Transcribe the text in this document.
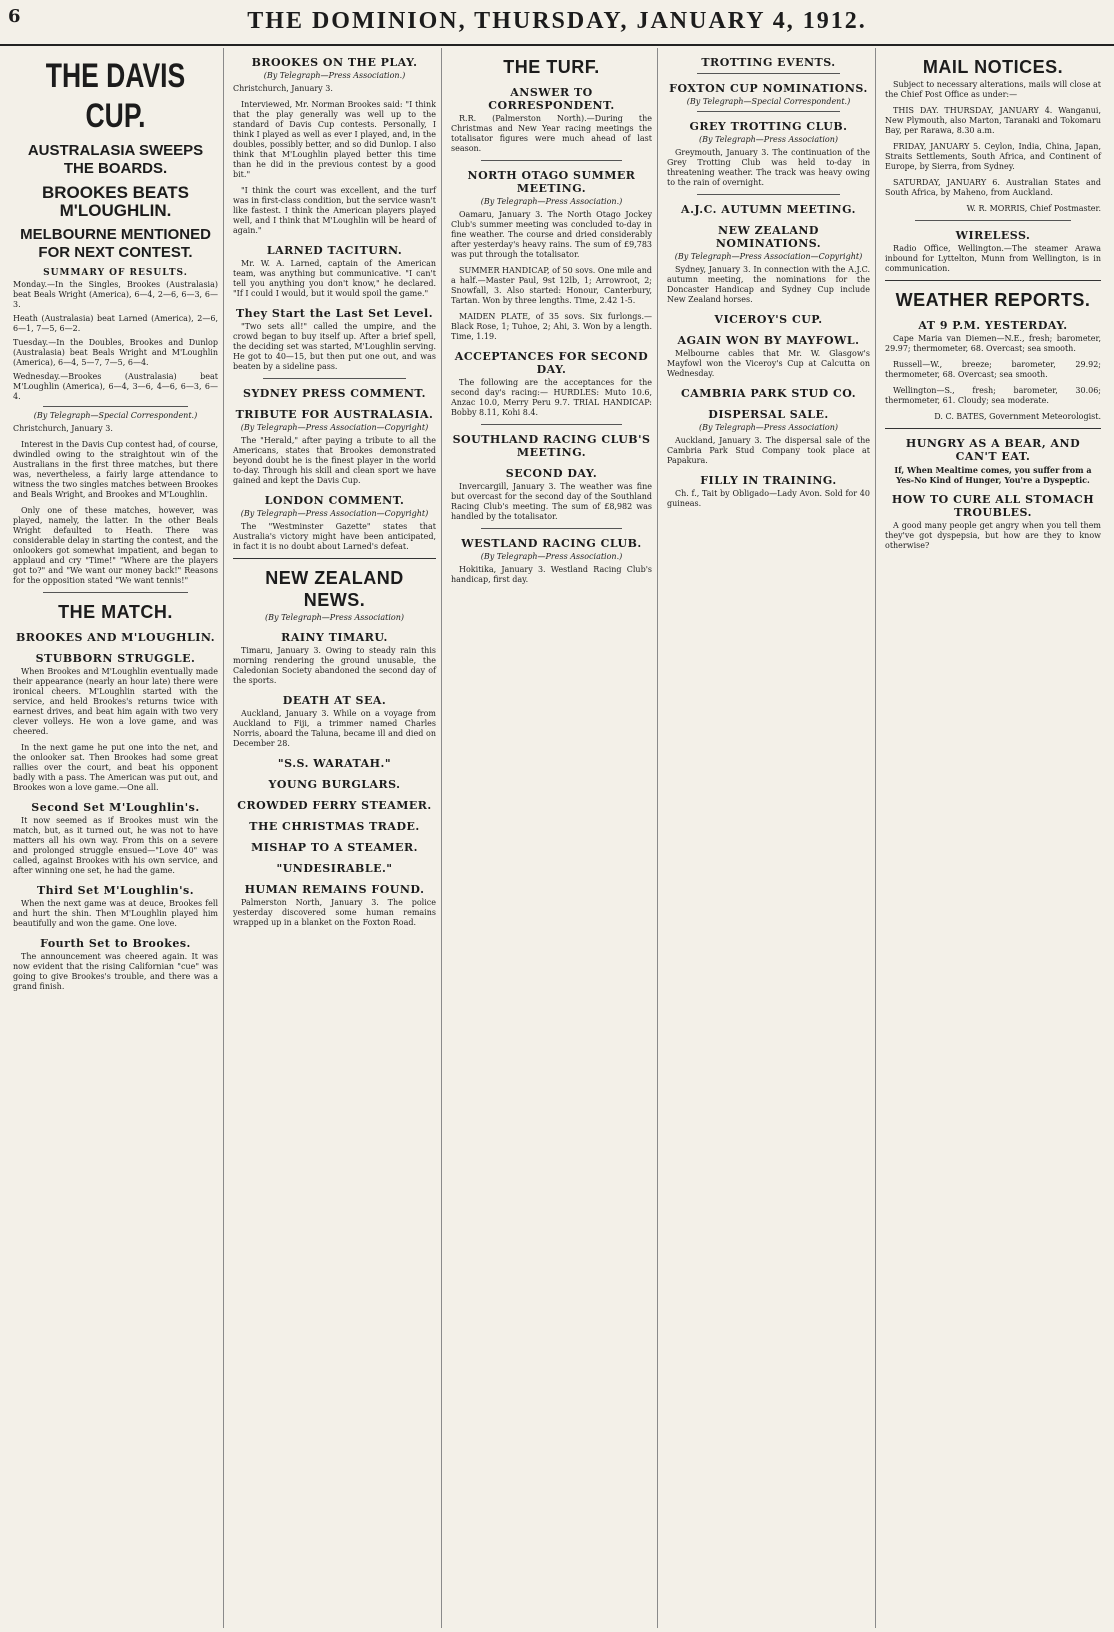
6	THE DOMINION, THURSDAY, JANUARY 4, 1912.
THE DAVIS CUP.
AUSTRALASIA SWEEPS THE BOARDS.
BROOKES BEATS M'LOUGHLIN.
MELBOURNE MENTIONED FOR NEXT CONTEST.
SUMMARY OF RESULTS.

Monday.—In the Singles, Brookes (Australasia) beat Beals Wright (America), 6—4, 2—6, 6—3, 6—3.

Heath (Australasia) beat Larned (America), 2—6, 6—1, 7—5, 6—2.

Tuesday.—In the Doubles, Brookes and Dunlop (Australasia) beat Beals Wright and M'Loughlin (America), 6—4, 5—7, 7—5, 6—4.

Wednesday.—Brookes (Australasia) beat M'Loughlin (America), 6—4, 3—6, 4—6, 6—3, 6—4.

(By Telegraph—Special Correspondent.)

Christchurch, January 3.

Interest in the Davis Cup contest had, of course, dwindled owing to the straightout win of the Australians in the first three matches, but there was, nevertheless, a fairly large attendance to witness the two singles matches between Brookes and Beals Wright, and Brookes and M'Loughlin.

Only one of these matches, however, was played, namely, the latter. In the other Beals Wright defaulted to Heath. There was considerable delay in starting the contest, and the onlookers got somewhat impatient, and began to applaud and cry "Time!" "Where are the players got to?" and "We want our money back!" Reasons for the opposition stated "We want tennis!"

THE MATCH.
BROOKES AND M'LOUGHLIN.
STUBBORN STRUGGLE.

When Brookes and M'Loughlin eventually made their appearance (nearly an hour late) there were ironical cheers. M'Loughlin started with the service, and held Brookes's returns twice with earnest drives, and beat him again with two very clever volleys. He won a love game, and was cheered.

In the next game he put one into the net, and the onlooker sat. Then Brookes had some great rallies over the court, and beat his opponent badly with a pass. The American was put out, and Brookes won a love game.—One all.

Second Set M'Loughlin's.

It now seemed as if Brookes must win the match, but, as it turned out, he was not to have matters all his own way. From this on a severe and prolonged struggle ensued—"Love 40" was called, against Brookes with his own service, and after winning one set, he had the game.

Third Set M'Loughlin's.

When the next game was at deuce, Brookes fell and hurt the shin. Then M'Loughlin played him beautifully and won the game. One love.

Fourth Set to Brookes.

The announcement was cheered again. It was now evident that the rising Californian "cue" was going to give Brookes's trouble, and there was a grand finish.

BROOKES ON THE PLAY.
(By Telegraph—Press Association.)

Christchurch, January 3.

Interviewed, Mr. Norman Brookes said: "I think that the play generally was well up to the standard of Davis Cup contests. Personally, I think I played as well as ever I played, and, in the doubles, possibly better, and so did Dunlop. I also think that M'Loughlin played better this time than he did in the previous contest by a good bit."

"I think the court was excellent, and the turf was in first-class condition, but the service wasn't like fastest. I think the American players played well, and I think that M'Loughlin will be heard of again."

LARNED TACITURN.

Mr. W. A. Larned, captain of the American team, was anything but communicative. "I can't tell you anything you don't know," he declared. "If I could I would, but it would spoil the game."

They Start the Last Set Level.

"Two sets all!" called the umpire, and the crowd began to buy itself up. After a brief spell, the deciding set was started, M'Loughlin serving. He got to 40—15, but then put one out, and was beaten by a sideline pass.

SYDNEY PRESS COMMENT.
TRIBUTE FOR AUSTRALASIA.
(By Telegraph—Press Association—Copyright)

The "Herald," after paying a tribute to all the Americans, states that Brookes demonstrated beyond doubt he is the finest player in the world to-day. Through his skill and clean sport we have gained and kept the Davis Cup.

LONDON COMMENT.
(By Telegraph—Press Association—Copyright)

The "Westminster Gazette" states that Australia's victory might have been anticipated, in fact it is no doubt about Larned's defeat.

NEW ZEALAND NEWS.
(By Telegraph—Press Association)
RAINY TIMARU.

Timaru, January 3. Owing to steady rain this morning rendering the ground unusable, the Caledonian Society abandoned the second day of the sports.

DEATH AT SEA.

Auckland, January 3. While on a voyage from Auckland to Fiji, a trimmer named Charles Norris, aboard the Taluna, became ill and died on December 28.

"S.S. WARATAH."
YOUNG BURGLARS.
CROWDED FERRY STEAMER.
THE CHRISTMAS TRADE.
MISHAP TO A STEAMER.
"UNDESIRABLE."
HUMAN REMAINS FOUND.

Palmerston North, January 3. The police yesterday discovered some human remains wrapped up in a blanket on the Foxton Road.

THE TURF.
ANSWER TO CORRESPONDENT.

R.R. (Palmerston North).—During the Christmas and New Year racing meetings the totalisator figures were much ahead of last season.

NORTH OTAGO SUMMER MEETING.
(By Telegraph—Press Association.)

Oamaru, January 3. The North Otago Jockey Club's summer meeting was concluded to-day in fine weather. The course and dried considerably after yesterday's heavy rains. The sum of £9,783 was put through the totalisator.

SUMMER HANDICAP, of 50 sovs. One mile and a half.—Master Paul, 9st 12lb, 1; Arrowroot, 2; Snowfall, 3. Also started: Honour, Canterbury, Tartan. Won by three lengths. Time, 2.42 1-5.

MAIDEN PLATE, of 35 sovs. Six furlongs.—Black Rose, 1; Tuhoe, 2; Ahi, 3. Won by a length. Time, 1.19.

ACCEPTANCES FOR SECOND DAY.

The following are the acceptances for the second day's racing:— HURDLES: Muto 10.6, Anzac 10.0, Merry Peru 9.7. TRIAL HANDICAP: Bobby 8.11, Kohi 8.4.

SOUTHLAND RACING CLUB'S MEETING.
SECOND DAY.

Invercargill, January 3. The weather was fine but overcast for the second day of the Southland Racing Club's meeting. The sum of £8,982 was handled by the totalisator.

WESTLAND RACING CLUB.
(By Telegraph—Press Association.)

Hokitika, January 3. Westland Racing Club's handicap, first day.

TROTTING EVENTS.
FOXTON CUP NOMINATIONS.
(By Telegraph—Special Correspondent.)
GREY TROTTING CLUB.
(By Telegraph—Press Association)

Greymouth, January 3. The continuation of the Grey Trotting Club was held to-day in threatening weather. The track was heavy owing to the rain of overnight.

A.J.C. AUTUMN MEETING.
NEW ZEALAND NOMINATIONS.
(By Telegraph—Press Association—Copyright)

Sydney, January 3. In connection with the A.J.C. autumn meeting, the nominations for the Doncaster Handicap and Sydney Cup include New Zealand horses.

VICEROY'S CUP.
AGAIN WON BY MAYFOWL.

Melbourne cables that Mr. W. Glasgow's Mayfowl won the Viceroy's Cup at Calcutta on Wednesday.

CAMBRIA PARK STUD CO.
DISPERSAL SALE.
(By Telegraph—Press Association)

Auckland, January 3. The dispersal sale of the Cambria Park Stud Company took place at Papakura.

FILLY IN TRAINING.

Ch. f., Tait by Obligado—Lady Avon. Sold for 40 guineas.

MAIL NOTICES.

Subject to necessary alterations, mails will close at the Chief Post Office as under:—

THIS DAY. THURSDAY, JANUARY 4. Wanganui, New Plymouth, also Marton, Taranaki and Tokomaru Bay, per Rarawa, 8.30 a.m.

FRIDAY, JANUARY 5. Ceylon, India, China, Japan, Straits Settlements, South Africa, and Continent of Europe, by Sierra, from Sydney.

SATURDAY, JANUARY 6. Australian States and South Africa, by Maheno, from Auckland.

W. R. MORRIS, Chief Postmaster.

WIRELESS.

Radio Office, Wellington.—The steamer Arawa inbound for Lyttelton, Munn from Wellington, is in communication.

WEATHER REPORTS.
AT 9 P.M. YESTERDAY.

Cape Maria van Diemen—N.E., fresh; barometer, 29.97; thermometer, 68. Overcast; sea smooth.

Russell—W., breeze; barometer, 29.92; thermometer, 68. Overcast; sea smooth.

Wellington—S., fresh; barometer, 30.06; thermometer, 61. Cloudy; sea moderate.

D. C. BATES, Government Meteorologist.

HUNGRY AS A BEAR, AND CAN'T EAT.

If, When Mealtime comes, you suffer from a Yes-No Kind of Hunger, You're a Dyspeptic.

HOW TO CURE ALL STOMACH TROUBLES.

A good many people get angry when you tell them they've got dyspepsia, but how are they to know otherwise?
